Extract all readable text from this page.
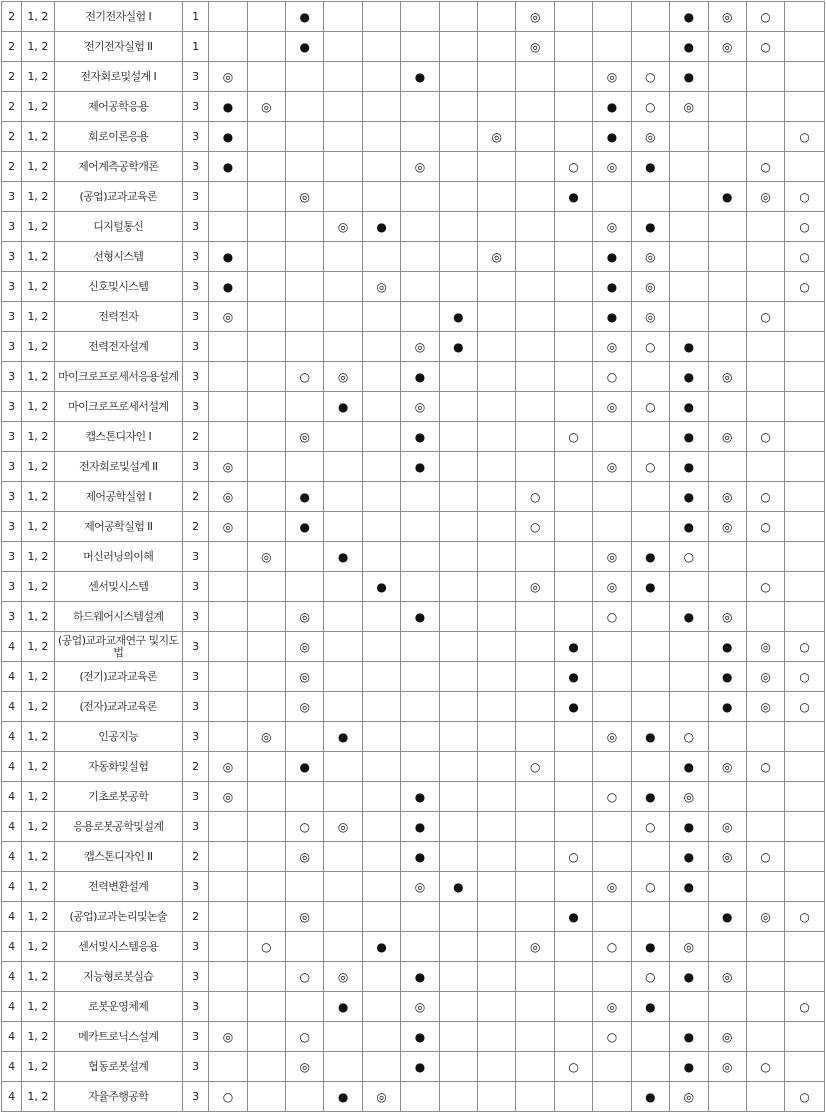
2	1, 2	전기전자실험 I	1			●						◎				●	◎	○	
2	1, 2	전기전자실험 II	1			●						◎				●	◎	○	
2	1, 2	전자회로및설계 I	3	◎					●					◎	○	●			
2	1, 2	제어공학응용	3	●	◎									●	○	◎			
2	1, 2	회로이론응용	3	●							◎			●	◎				○
2	1, 2	제어계측공학개론	3	●					◎				○	◎	●			○	
3	1, 2	(공업)교과교육론	3			◎							●				●	◎	○
3	1, 2	디지털통신	3				◎	●						◎	●				○
3	1, 2	선형시스템	3	●							◎			●	◎				○
3	1, 2	신호및시스템	3	●				◎						●	◎				○
3	1, 2	전력전자	3	◎						●				●	◎			○	
3	1, 2	전력전자설계	3						◎	●				◎	○	●			
3	1, 2	마이크로프로세서응용설계	3			○	◎		●					○		●	◎		
3	1, 2	마이크로프로세서설계	3				●		◎					◎	○	●			
3	1, 2	캡스톤디자인 I	2			◎			●				○			●	◎	○	
3	1, 2	전자회로및설계 II	3	◎					●					◎	○	●			
3	1, 2	제어공학실험 I	2	◎		●						○				●	◎	○	
3	1, 2	제어공학실험 II	2	◎		●						○				●	◎	○	
3	1, 2	머신러닝의이해	3		◎		●							◎	●	○			
3	1, 2	센서및시스템	3					●				◎		◎	●			○	
3	1, 2	하드웨어시스템설계	3			◎			●					○		●	◎		
4	1, 2	(공업)교과교재연구 및지도법	3			◎							●				●	◎	○
4	1, 2	(전기)교과교육론	3			◎							●				●	◎	○
4	1, 2	(전자)교과교육론	3			◎							●				●	◎	○
4	1, 2	인공지능	3		◎		●							◎	●	○			
4	1, 2	자동화및실험	2	◎		●						○				●	◎	○	
4	1, 2	기초로봇공학	3	◎					●					○	●	◎			
4	1, 2	응용로봇공학및설계	3			○	◎		●						○	●	◎		
4	1, 2	캡스톤디자인 II	2			◎			●				○			●	◎	○	
4	1, 2	전력변환설계	3						◎	●				◎	○	●			
4	1, 2	(공업)교과논리및논술	2			◎							●				●	◎	○
4	1, 2	센서및시스템응용	3		○			●				◎		○	●	◎			
4	1, 2	지능형로봇실습	3			○	◎		●						○	●	◎		
4	1, 2	로봇운영체제	3				●		◎					◎	●				○
4	1, 2	메카트로닉스설계	3	◎		○			●					○		●	◎		
4	1, 2	협동로봇설계	3			◎			●				○			●	◎	○	
4	1, 2	자율주행공학	3	○			●	◎							●	◎			○
